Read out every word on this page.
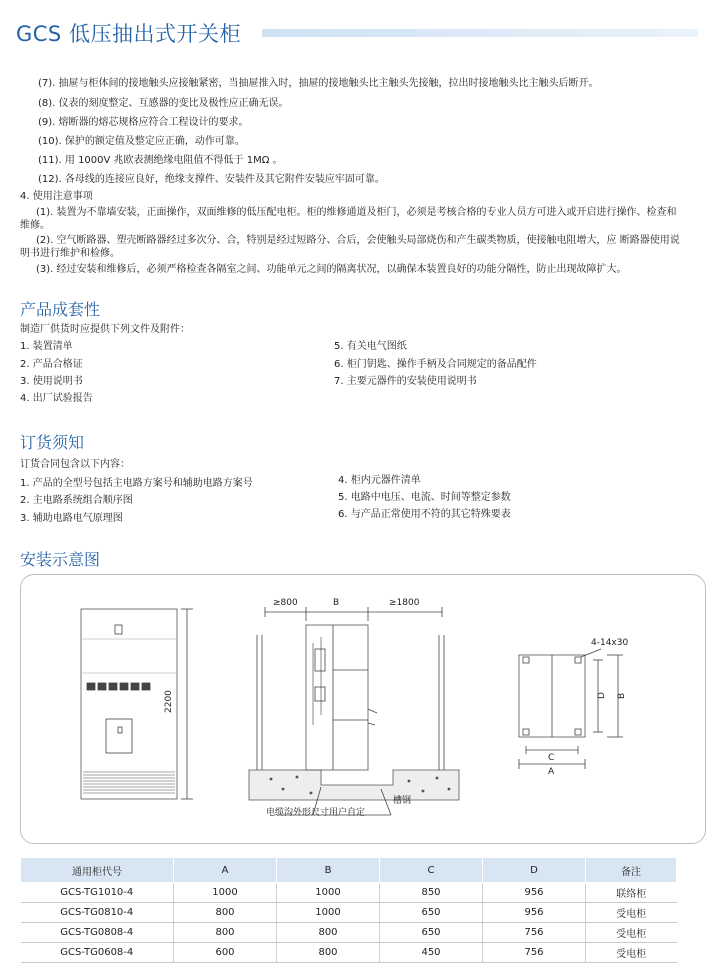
GCS 低压抽出式开关柜
(7). 抽屉与柜体间的接地触头应接触紧密，当抽屉推入时，抽屉的接地触头比主触头先接触，拉出时接地触头比主触头后断开。
(8). 仪表的刻度整定、互感器的变比及极性应正确无误。
(9). 熔断器的熔芯规格应符合工程设计的要求。
(10). 保护的额定值及整定应正确，动作可靠。
(11). 用 1000V 兆欧表测绝缘电阻值不得低于 1MΩ 。
(12). 各母线的连接应良好，绝缘支撑件、安装件及其它附件安装应牢固可靠。
4. 使用注意事项
(1). 装置为不靠墙安装，正面操作，双面维修的低压配电柜。柜的维修通道及柜门，必须是考核合格的专业人员方可进入或开启进行操作、检查和维修。
(2). 空气断路器、塑壳断路器经过多次分、合，特别是经过短路分、合后，会使触头局部烧伤和产生碳类物质，使接触电阻增大，应 断路器使用说明书进行维护和检修。
(3). 经过安装和维修后，必须严格检查各隔室之间、功能单元之间的隔离状况，以确保本装置良好的功能分隔性，防止出现故障扩大。
产品成套性
制造厂供货时应提供下列文件及附件：
1. 装置清单
2. 产品合格证
3. 使用说明书
4. 出厂试验报告
5. 有关电气图纸
6. 柜门钥匙、操作手柄及合同规定的备品配件
7. 主要元器件的安装使用说明书
订货须知
订货合同包含以下内容：
1. 产品的全型号包括主电路方案号和辅助电路方案号
2. 主电路系统组合顺序图
3. 辅助电路电气原理图
4. 柜内元器件清单
5. 电路中电压、电流、时间等整定参数
6. 与产品正常使用不符的其它特殊要表
安装示意图
2200
≥800	B	≥1800
电缆沟外形尺寸用户自定
槽钢
4-14x30
C
A
D B
通用柜代号	A	B	C	D	备注
GCS-TG1010-4	1000	1000	850	956	联络柜
GCS-TG0810-4	800	1000	650	956	受电柜
GCS-TG0808-4	800	800	650	756	受电柜
GCS-TG0608-4	600	800	450	756	受电柜
